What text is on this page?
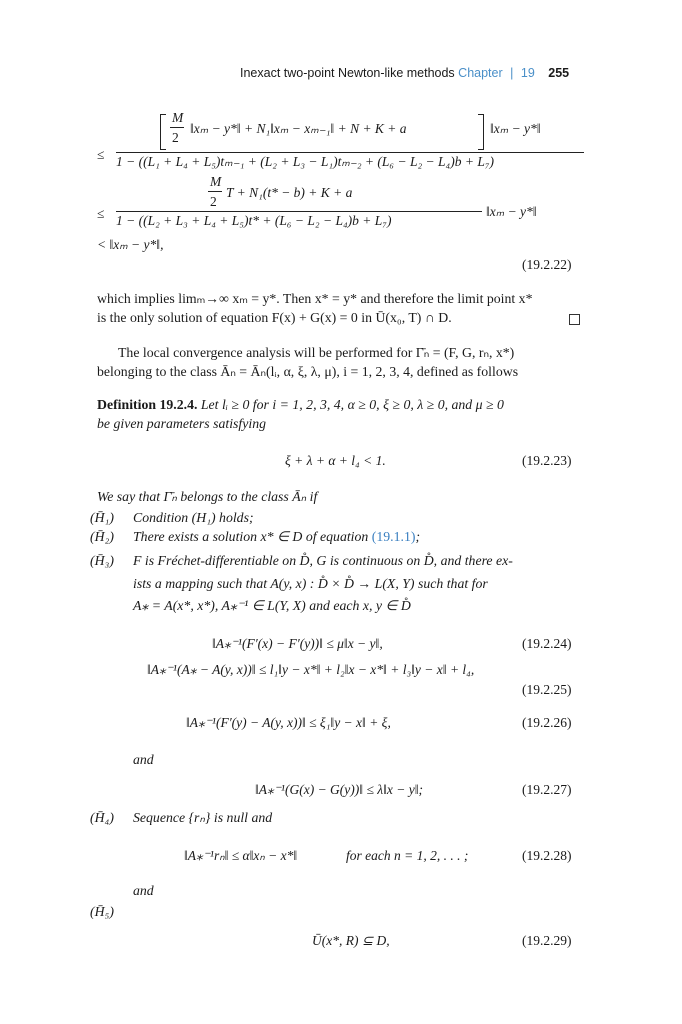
Inexact two-point Newton-like methods Chapter | 19 255
M
2
‖xₘ − y*‖ + N₁‖xₘ − xₘ₋₁‖ + N + K + a	‖xₘ − y*‖
≤ 1 − ((L₁ + L₄ + L₅)tₘ₋₁ + (L₂ + L₃ − L₁)tₘ₋₂ + (L₆ − L₂ − L₄)b + L₇)
M
2
T + N₁(t* − b) + K + a
≤ 1 − ((L₂ + L₃ + L₄ + L₅)t* + (L₆ − L₂ − L₄)b + L₇)
‖xₘ − y*‖
< ‖xₘ − y*‖,
(19.2.22)
which implies limₘ→∞ xₘ = y*. Then x* = y* and therefore the limit point x*
is the only solution of equation F(x) + G(x) = 0 in Ū(x₀, T) ∩ D.
The local convergence analysis will be performed for Γ̄ₙ = (F, G, rₙ, x*)
belonging to the class Āₙ = Āₙ(lᵢ, α, ξ, λ, μ), i = 1, 2, 3, 4, defined as follows
Definition 19.2.4. Let lᵢ ≥ 0 for i = 1, 2, 3, 4, α ≥ 0, ξ ≥ 0, λ ≥ 0, and μ ≥ 0
be given parameters satisfying
ξ + λ + α + l₄ < 1.	(19.2.23)
We say that Γ̄ₙ belongs to the class Āₙ if
(H̄₁) Condition (H₁) holds;
(H̄₂) There exists a solution x* ∈ D of equation (19.1.1);
(H̄₃) F is Fréchet-differentiable on D̊, G is continuous on D̊, and there ex-
ists a mapping such that A(y, x) : D̊ × D̊ → L(X, Y) such that for
A⁎ = A(x*, x*), A⁎⁻¹ ∈ L(Y, X) and each x, y ∈ D̊
‖A⁎⁻¹(F′(x) − F′(y))‖ ≤ μ‖x − y‖,	(19.2.24)
‖A⁎⁻¹(A⁎ − A(y, x))‖ ≤ l₁‖y − x*‖ + l₂‖x − x*‖ + l₃‖y − x‖ + l₄,
(19.2.25)
‖A⁎⁻¹(F′(y) − A(y, x))‖ ≤ ξ₁‖y − x‖ + ξ,	(19.2.26)
and
‖A⁎⁻¹(G(x) − G(y))‖ ≤ λ‖x − y‖;	(19.2.27)
(H̄₄) Sequence {rₙ} is null and
‖A⁎⁻¹rₙ‖ ≤ α‖xₙ − x*‖	for each n = 1, 2, . . . ;	(19.2.28)
and
(H̄₅)
Ū(x*, R) ⊆ D,	(19.2.29)
